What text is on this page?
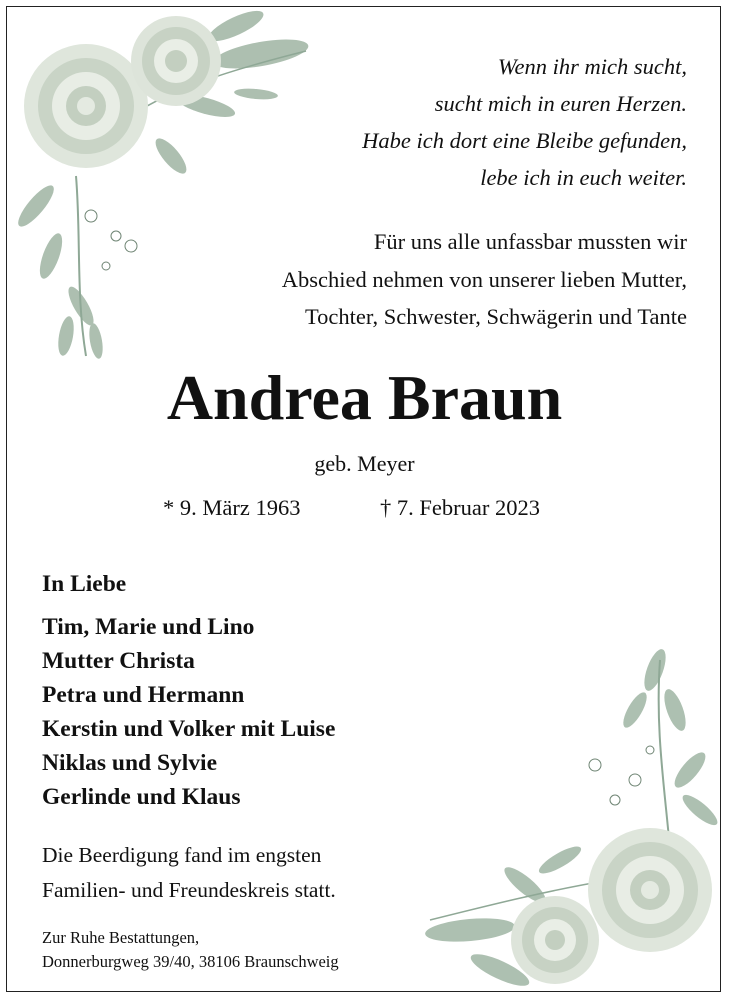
Wenn ihr mich sucht,
sucht mich in euren Herzen.
Habe ich dort eine Bleibe gefunden,
lebe ich in euch weiter.
Für uns alle unfassbar mussten wir
Abschied nehmen von unserer lieben Mutter,
Tochter, Schwester, Schwägerin und Tante
Andrea Braun
geb. Meyer
* 9. März 1963	† 7. Februar 2023
In Liebe
Tim, Marie und Lino
Mutter Christa
Petra und Hermann
Kerstin und Volker mit Luise
Niklas und Sylvie
Gerlinde und Klaus
Die Beerdigung fand im engsten
Familien- und Freundeskreis statt.
Zur Ruhe Bestattungen,
Donnerburgweg 39/40, 38106 Braunschweig
